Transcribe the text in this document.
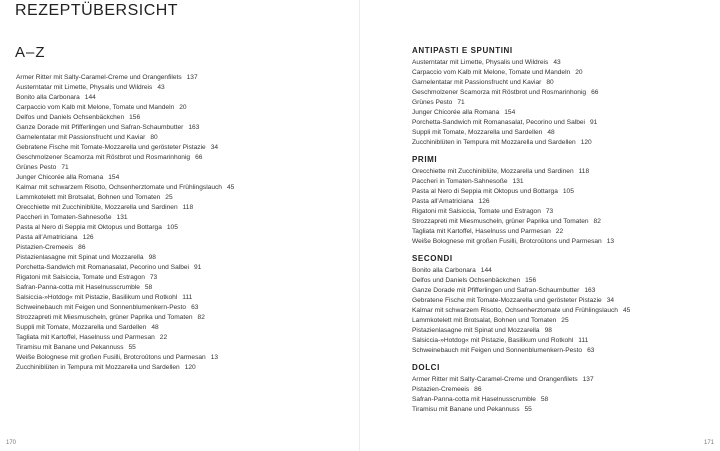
REZEPTÜBERSICHT
A–Z
Armer Ritter mit Salty-Caramel-Creme und Orangenfilets 137
Austerntatar mit Limette, Physalis und Wildreis 43
Bonito alla Carbonara 144
Carpaccio vom Kalb mit Melone, Tomate und Mandeln 20
Delfos und Daniels Ochsenbäckchen 156
Ganze Dorade mit Pfifferlingen und Safran-Schaumbutter 163
Garnelentatar mit Passionsfrucht und Kaviar 80
Gebratene Fische mit Tomate-Mozzarella und gerösteter Pistazie 34
Geschmolzener Scamorza mit Röstbrot und Rosmarinhonig 66
Grünes Pesto 71
Junger Chicorée alla Romana 154
Kalmar mit schwarzem Risotto, Ochsenherztomate und Frühlingslauch 45
Lammkotelett mit Brotsalat, Bohnen und Tomaten 25
Orecchiette mit Zucchiniblüte, Mozzarella und Sardinen 118
Paccheri in Tomaten-Sahnesoße 131
Pasta al Nero di Seppia mit Oktopus und Bottarga 105
Pasta all’Amatriciana 126
Pistazien-Cremeeis 86
Pistazienlasagne mit Spinat und Mozzarella 98
Porchetta-Sandwich mit Romanasalat, Pecorino und Salbei 91
Rigatoni mit Salsiccia, Tomate und Estragon 73
Safran-Panna-cotta mit Haselnusscrumble 58
Salsiccia-»Hotdog« mit Pistazie, Basilikum und Rotkohl 111
Schweinebauch mit Feigen und Sonnenblumenkern-Pesto 63
Strozzapreti mit Miesmuscheln, grüner Paprika und Tomaten 82
Suppli mit Tomate, Mozzarella und Sardellen 48
Tagliata mit Kartoffel, Haselnuss und Parmesan 22
Tiramisu mit Banane und Pekannuss 55
Weiße Bolognese mit großen Fusilli, Brotcroûtons und Parmesan 13
Zucchiniblüten in Tempura mit Mozzarella und Sardellen 120
170
ANTIPASTI E SPUNTINI
Austerntatar mit Limette, Physalis und Wildreis 43
Carpaccio vom Kalb mit Melone, Tomate und Mandeln 20
Garnelentatar mit Passionsfrucht und Kaviar 80
Geschmolzener Scamorza mit Röstbrot und Rosmarinhonig 66
Grünes Pesto 71
Junger Chicorée alla Romana 154
Porchetta-Sandwich mit Romanasalat, Pecorino und Salbei 91
Suppli mit Tomate, Mozzarella und Sardellen 48
Zucchiniblüten in Tempura mit Mozzarella und Sardellen 120
PRIMI
Orecchiette mit Zucchiniblüte, Mozzarella und Sardinen 118
Paccheri in Tomaten-Sahnesoße 131
Pasta al Nero di Seppia mit Oktopus und Bottarga 105
Pasta all’Amatriciana 126
Rigatoni mit Salsiccia, Tomate und Estragon 73
Strozzapreti mit Miesmuscheln, grüner Paprika und Tomaten 82
Tagliata mit Kartoffel, Haselnuss und Parmesan 22
Weiße Bolognese mit großen Fusilli, Brotcroûtons und Parmesan 13
SECONDI
Bonito alla Carbonara 144
Delfos und Daniels Ochsenbäckchen 156
Ganze Dorade mit Pfifferlingen und Safran-Schaumbutter 163
Gebratene Fische mit Tomate-Mozzarella und gerösteter Pistazie 34
Kalmar mit schwarzem Risotto, Ochsenherztomate und Frühlingslauch 45
Lammkotelett mit Brotsalat, Bohnen und Tomaten 25
Pistazienlasagne mit Spinat und Mozzarella 98
Salsiccia-»Hotdog« mit Pistazie, Basilikum und Rotkohl 111
Schweinebauch mit Feigen und Sonnenblumenkern-Pesto 63
DOLCI
Armer Ritter mit Salty-Caramel-Creme und Orangenfilets 137
Pistazien-Cremeeis 86
Safran-Panna-cotta mit Haselnusscrumble 58
Tiramisu mit Banane und Pekannuss 55
171
